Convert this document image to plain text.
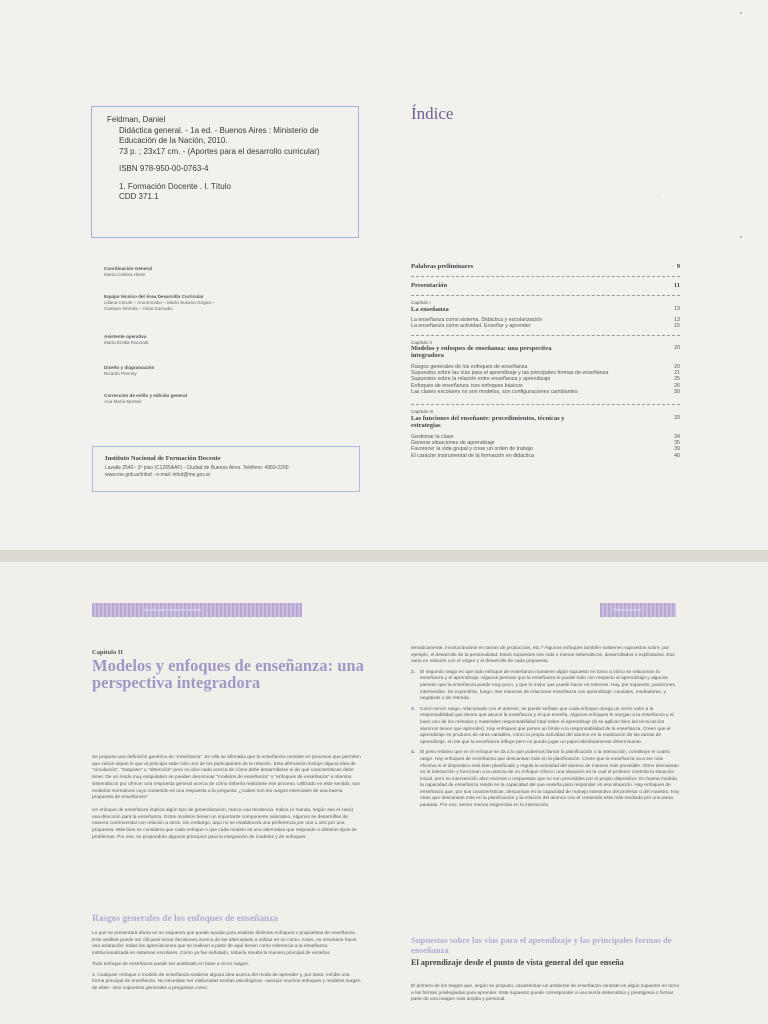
Feldman, Daniel
Didáctica general. - 1a ed. - Buenos Aires : Ministerio de
Educación de la Nación, 2010.
73 p. ; 23x17 cm. - (Aportes para el desarrollo curricular)
ISBN 978-950-00-0763-4
1. Formación Docente . I. Título
CDD 371.1
Coordinación General
María Cristina Hisse
Equipo técnico del Área Desarrollo Curricular
Liliana Cerutti – Ana Encabo – María Susana Gogna –
Gustavo Mórtola – Alicia Zamudio
Asistente operativa
María Emilia Racciatti
Diseño y diagramación
Ricardo Penney
Corrección de estilo y edición general
Ana María Monteir
Instituto Nacional de Formación Docente
Lavalle 2540 - 3º piso (C1205AAF) - Ciudad de Buenos Aires. Teléfono: 4959-2200
www.me.gob.ar/infod - e-mail: infod@me.gov.ar
Índice
Palabras preliminares	9
Presentación	11
Capítulo I
La enseñanza	13
La enseñanza como sistema. Didáctica y escolarización	13
La enseñanza como actividad. Enseñar y aprender	15
Capítulo II
Modelos y enfoques de enseñanza: una perspectiva integradora
20
Rasgos generales de los enfoques de enseñanza	20
Supuestos sobre las vías para el aprendizaje y las principales formas de enseñanza	21
Supuestos sobre la relación entre enseñanza y aprendizaje	25
Enfoques de enseñanza: tres enfoques básicos	26
Las clases escolares no son modelos, son configuraciones cambiantes	30
Capítulo III
Las funciones del enseñante: procedimientos, técnicas y estrategias
33
Gestionar la clase	34
Generar situaciones de aprendizaje	35
Favorecer la vida grupal y crear un orden de trabajo	39
El carácter instrumental de la formación en didáctica	40
Aportes para el desarrollo curricular	Didáctica general
Capítulo II
Modelos y enfoques de enseñanza: una perspectiva integradora

Se propuso una definición genérica de "enseñanza". En ella se afirmaba que la enseñanza consiste en procesos que permiten que varios sepan lo que al principio sabe solo uno de los participantes de la relación. Esta afirmación incluye alguna idea de "circulación", "traspaso" u "obtención" pero no dice nada acerca de cómo debe desarrollarse ni de qué características debe tener. De un modo muy estipulativo se pueden denominar "modelos de enseñanza" o "enfoques de enseñanza" a intentos sistemáticos por ofrecer una respuesta general acerca de cómo debería realizarse ese proceso. Utilizado en este sentido, son modelos normativos cuyo contenido es una respuesta a la pregunta: ¿cuáles son los rasgos esenciales de una buena propuesta de enseñanza?

Un enfoque de enseñanza implica algún tipo de generalización, marca una tendencia. Indica (o manda, según sea el caso) una dirección para la enseñanza. Estos modelos tienen un importante componente valorativo. Algunos se desarrollan de manera controversial con relación a otros. Sin embargo, aquí no se establecerá una preferencia por uno u otro por una propuesta. Más bien se considera que cada enfoque o que cada modelo es una alternativa que responde a distintos tipos de problemas. Por eso, se propondrán algunos principios para la integración de modelos y de enfoques.

Rasgos generales de los enfoques de enseñanza

Lo que se presentará ahora es un esquema que puede ayudar para analizar distintos enfoques o propuestas de enseñanza. Este análisis puede ser útil para tomar decisiones acerca de las alternativas a utilizar en un curso. Antes, es necesario hacer una aclaración: todas las apreciaciones que se realicen a partir de aquí tienen como referencia a la enseñanza institucionalizada en sistemas escolares. Como ya fue señalado, todavía resulta la manera principal de enseñar.

Todo enfoque de enseñanza puede ser analizado en base a cinco rasgos.

1. Cualquier enfoque o modelo de enseñanza sostiene alguna idea acerca del modo de aprender y, por tanto, exhibe una forma principal de enseñanza. No necesitan ser elaboradas teorías psicológicas –aunque muchos enfoques y modelos surgen de ellas– sino supuestos generales a preguntas como:

tematicamente, involucrándose en tareas de producción, etc.? Algunos enfoques también sostienen supuestos sobre, por ejemplo, el desarrollo de la personalidad. Estos supuestos son más o menos sistemáticos, desarrollados o explicitados. Eso varía en relación con el origen y el desarrollo de cada propuesta.

2. El segundo rasgo es que todo enfoque de enseñanza mantiene algún supuesto en torno a cómo se relacionan la enseñanza y el aprendizaje. Algunos piensan que la enseñanza lo puede todo con respecto al aprendizaje y algunos piensan que la enseñanza puede muy poco, y que lo mejor que puede hacer es retirarse. Hay, por supuesto, posiciones intermedias. Se expondrán, luego, tres maneras de relacionar enseñanza con aprendizaje: causales, mediadoras, y negativas o de retirada.

3. Como tercer rasgo, relacionado con el anterior, se puede señalar que cada enfoque otorga un cierto valor a la responsabilidad que tienen que asumir la enseñanza y el que enseña. Algunos enfoques le otorgan a la enseñanza y al buen uso de los métodos y materiales responsabilidad total sobre el aprendizaje (si se aplican bien las técnicas los alumnos tienen que aprender). Hay enfoques que ponen un límite a la responsabilidad de la enseñanza. Creen que el aprendizaje es producto de otras variables, como la propia actividad del alumno en la realización de las tareas de aprendizaje, en las que la enseñanza influye pero no puede jugar un papel absolutamente determinante.

4. El peso relativo que en el enfoque se da a lo que podemos llamar la planificación o la interacción, constituye el cuarto rasgo. Hay enfoques de enseñanza que descansan más en la planificación. Creen que la enseñanza va a ser más efectiva si el dispositivo está bien planificado y regula la actividad del alumno de manera más previsible. Otros descansan en la interacción y funcionan a la usanza de un enfoque clínico: una situación en la cual el profesor controla la situación inicial, pero su intervención abre eventos o respuestas que no son previsibles por el propio dispositivo. En buena medida, la capacidad de enseñanza reside en la capacidad del que enseña para responder en esa situación. Hay enfoques de enseñanza que, por sus características, descansan en la capacidad de manejo interactivo del profesor o del maestro. Hay otras que descansan más en la planificación y la relación del alumno con el contenido está más mediada por una tarea pautada. Por eso, tienen menos exigencias en la interacción.

Supuestos sobre las vías para el aprendizaje y las principales formas de enseñanza
El aprendizaje desde el punto de vista general del que enseña
El primero de los rasgos que, según se propuso, caracterizan un ambiente de enseñanza consiste en algún supuesto en torno a las formas privilegiadas para aprender. Este supuesto puede corresponder a una teoría sistemática y prestigiosa o formar parte de una imagen más amplia y personal.
